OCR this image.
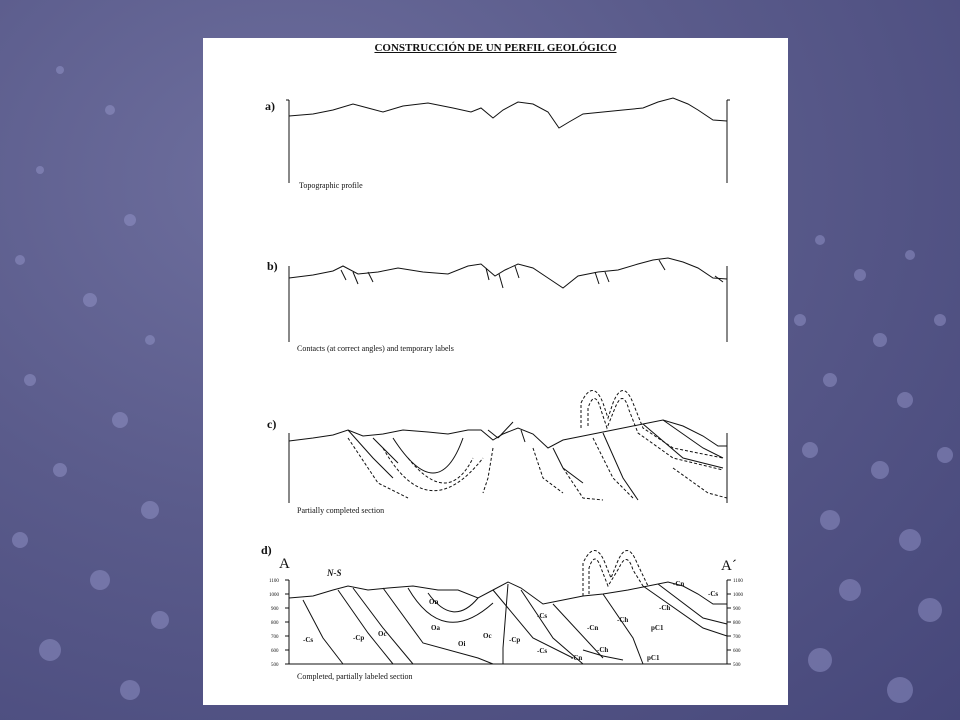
CONSTRUCCIÓN DE UN PERFIL GEOLÓGICO
a)
Topographic profile
b)
Contacts (at correct angles) and temporary labels
c)
Partially completed section
d)
Completed, partially labeled section
A	A´
N-S
1100
1000
900
800
700
600
500
1100
1000
900
800
700
600
500
On
Oa
Oc	Oc
Oi
-Cs	-Cp	-Cp
-Cs
-Cs
-Cn
-Cn
-Ch
-Ch
-Ch
-Cn
-Cs
pC1
pC1
